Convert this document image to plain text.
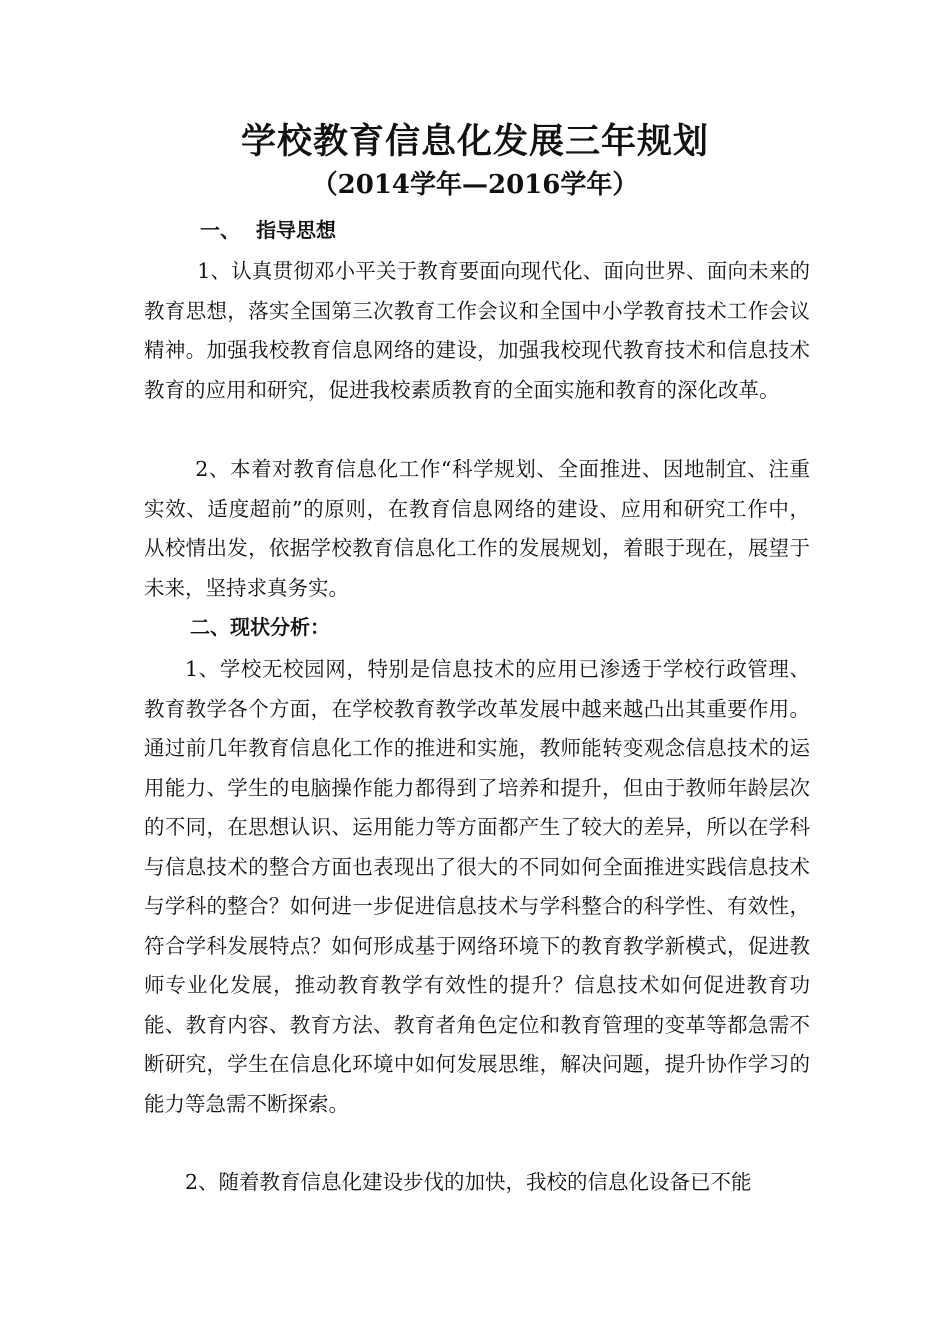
学校教育信息化发展三年规划
（2014学年—2016学年）
一、 指导思想

1、认真贯彻邓小平关于教育要面向现代化、面向世界、面向未来的教育思想，落实全国第三次教育工作会议和全国中小学教育技术工作会议精神。加强我校教育信息网络的建设，加强我校现代教育技术和信息技术教育的应用和研究，促进我校素质教育的全面实施和教育的深化改革。

2、本着对教育信息化工作“科学规划、全面推进、因地制宜、注重实效、适度超前”的原则，在教育信息网络的建设、应用和研究工作中，从校情出发，依据学校教育信息化工作的发展规划，着眼于现在，展望于未来，坚持求真务实。

二、现状分析：

1、学校无校园网，特别是信息技术的应用已渗透于学校行政管理、教育教学各个方面，在学校教育教学改革发展中越来越凸出其重要作用。通过前几年教育信息化工作的推进和实施，教师能转变观念信息技术的运用能力、学生的电脑操作能力都得到了培养和提升，但由于教师年龄层次的不同，在思想认识、运用能力等方面都产生了较大的差异，所以在学科与信息技术的整合方面也表现出了很大的不同如何全面推进实践信息技术与学科的整合？如何进一步促进信息技术与学科整合的科学性、有效性，符合学科发展特点？如何形成基于网络环境下的教育教学新模式，促进教师专业化发展，推动教育教学有效性的提升？信息技术如何促进教育功能、教育内容、教育方法、教育者角色定位和教育管理的变革等都急需不断研究，学生在信息化环境中如何发展思维，解决问题，提升协作学习的能力等急需不断探索。

2、随着教育信息化建设步伐的加快，我校的信息化设备已不能
